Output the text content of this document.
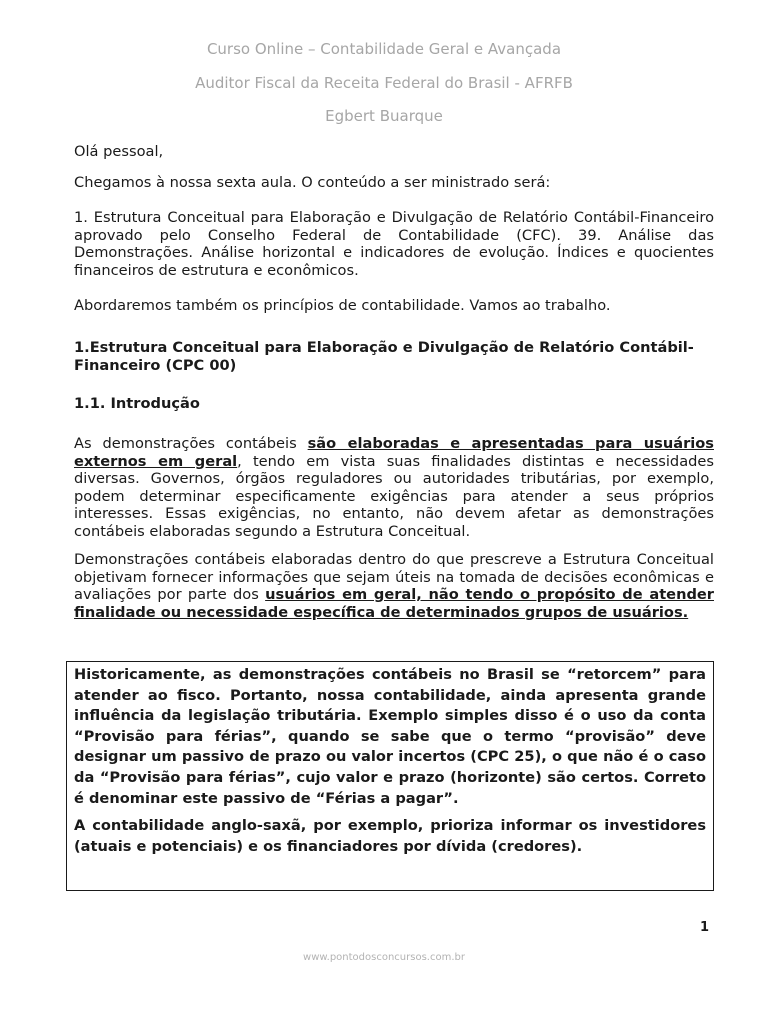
Curso Online – Contabilidade Geral e Avançada
Auditor Fiscal da Receita Federal do Brasil - AFRFB
Egbert Buarque

Olá pessoal,

Chegamos à nossa sexta aula. O conteúdo a ser ministrado será:

1. Estrutura Conceitual para Elaboração e Divulgação de Relatório Contábil-Financeiro aprovado pelo Conselho Federal de Contabilidade (CFC). 39. Análise das Demonstrações. Análise horizontal e indicadores de evolução. Índices e quocientes financeiros de estrutura e econômicos.

Abordaremos também os princípios de contabilidade. Vamos ao trabalho.

1.Estrutura Conceitual para Elaboração e Divulgação de Relatório Contábil-Financeiro (CPC 00)

1.1. Introdução

As demonstrações contábeis são elaboradas e apresentadas para usuários externos em geral, tendo em vista suas finalidades distintas e necessidades diversas. Governos, órgãos reguladores ou autoridades tributárias, por exemplo, podem determinar especificamente exigências para atender a seus próprios interesses. Essas exigências, no entanto, não devem afetar as demonstrações contábeis elaboradas segundo a Estrutura Conceitual.

Demonstrações contábeis elaboradas dentro do que prescreve a Estrutura Conceitual objetivam fornecer informações que sejam úteis na tomada de decisões econômicas e avaliações por parte dos usuários em geral, não tendo o propósito de atender finalidade ou necessidade específica de determinados grupos de usuários.

Historicamente, as demonstrações contábeis no Brasil se “retorcem” para atender ao fisco. Portanto, nossa contabilidade, ainda apresenta grande influência da legislação tributária. Exemplo simples disso é o uso da conta “Provisão para férias”, quando se sabe que o termo “provisão” deve designar um passivo de prazo ou valor incertos (CPC 25), o que não é o caso da “Provisão para férias”, cujo valor e prazo (horizonte) são certos. Correto é denominar este passivo de “Férias a pagar”.

A contabilidade anglo-saxã, por exemplo, prioriza informar os investidores (atuais e potenciais) e os financiadores por dívida (credores).

1
www.pontodosconcursos.com.br
